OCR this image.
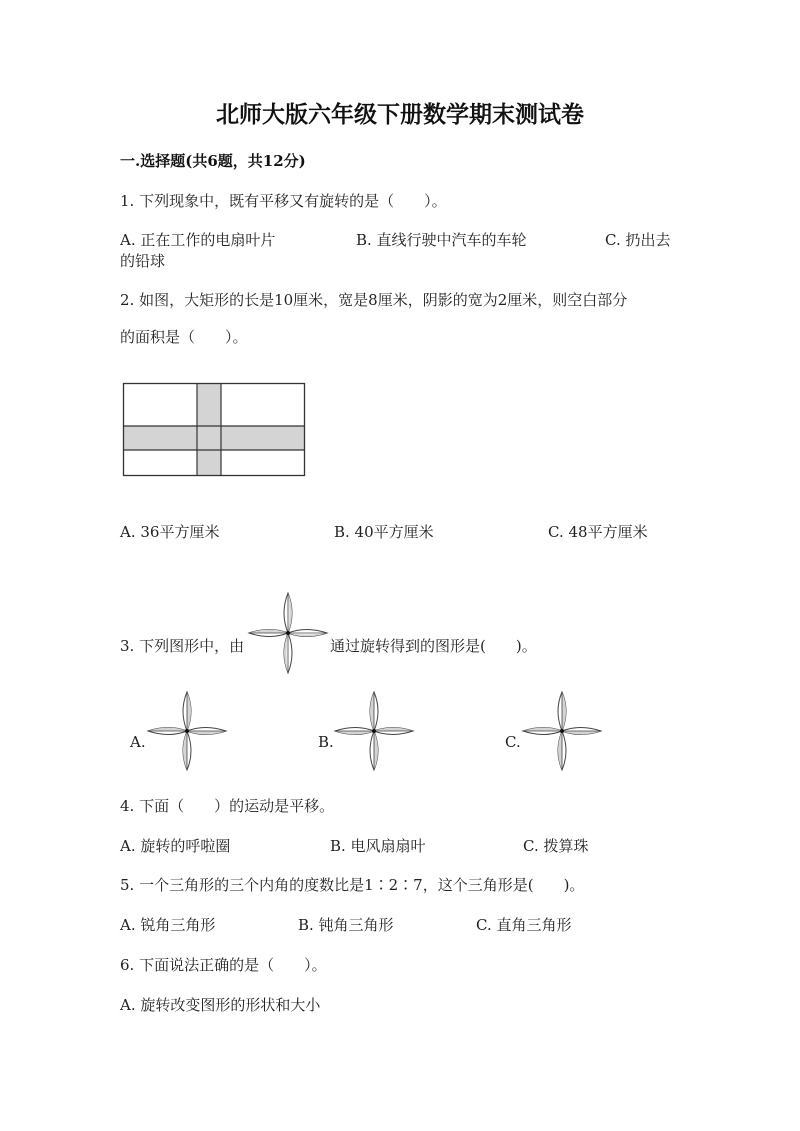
北师大版六年级下册数学期末测试卷
一.选择题(共6题，共12分)
1. 下列现象中，既有平移又有旋转的是（　　）。
A. 正在工作的电扇叶片	B. 直线行驶中汽车的车轮	C. 扔出去
的铅球
2. 如图，大矩形的长是10厘米，宽是8厘米，阴影的宽为2厘米，则空白部分
的面积是（　　）。
A. 36平方厘米	B. 40平方厘米	C. 48平方厘米
3. 下列图形中，由	通过旋转得到的图形是(　　)。
A.	B.	C.
4. 下面（　　）的运动是平移。
A. 旋转的呼啦圈	B. 电风扇扇叶	C. 拨算珠
5. 一个三角形的三个内角的度数比是1∶2∶7，这个三角形是(　　)。
A. 锐角三角形	B. 钝角三角形	C. 直角三角形
6. 下面说法正确的是（　　）。
A. 旋转改变图形的形状和大小
